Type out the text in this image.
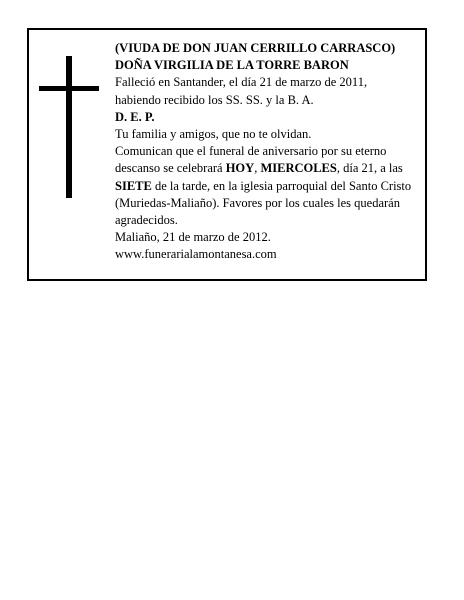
(VIUDA DE DON JUAN CERRILLO CARRASCO)
DOÑA VIRGILIA DE LA TORRE BARON
Falleció en Santander, el día 21 de marzo de 2011,
habiendo recibido los SS. SS. y la B. A.
D. E. P.
Tu familia y amigos, que no te olvidan.
Comunican que el funeral de aniversario por su eterno descanso se celebrará HOY, MIERCOLES, día 21, a las SIETE de la tarde, en la iglesia parroquial del Santo Cristo (Muriedas-Maliaño). Favores por los cuales les quedarán agradecidos.
Maliaño, 21 de marzo de 2012.
www.funerarialamontanesa.com
